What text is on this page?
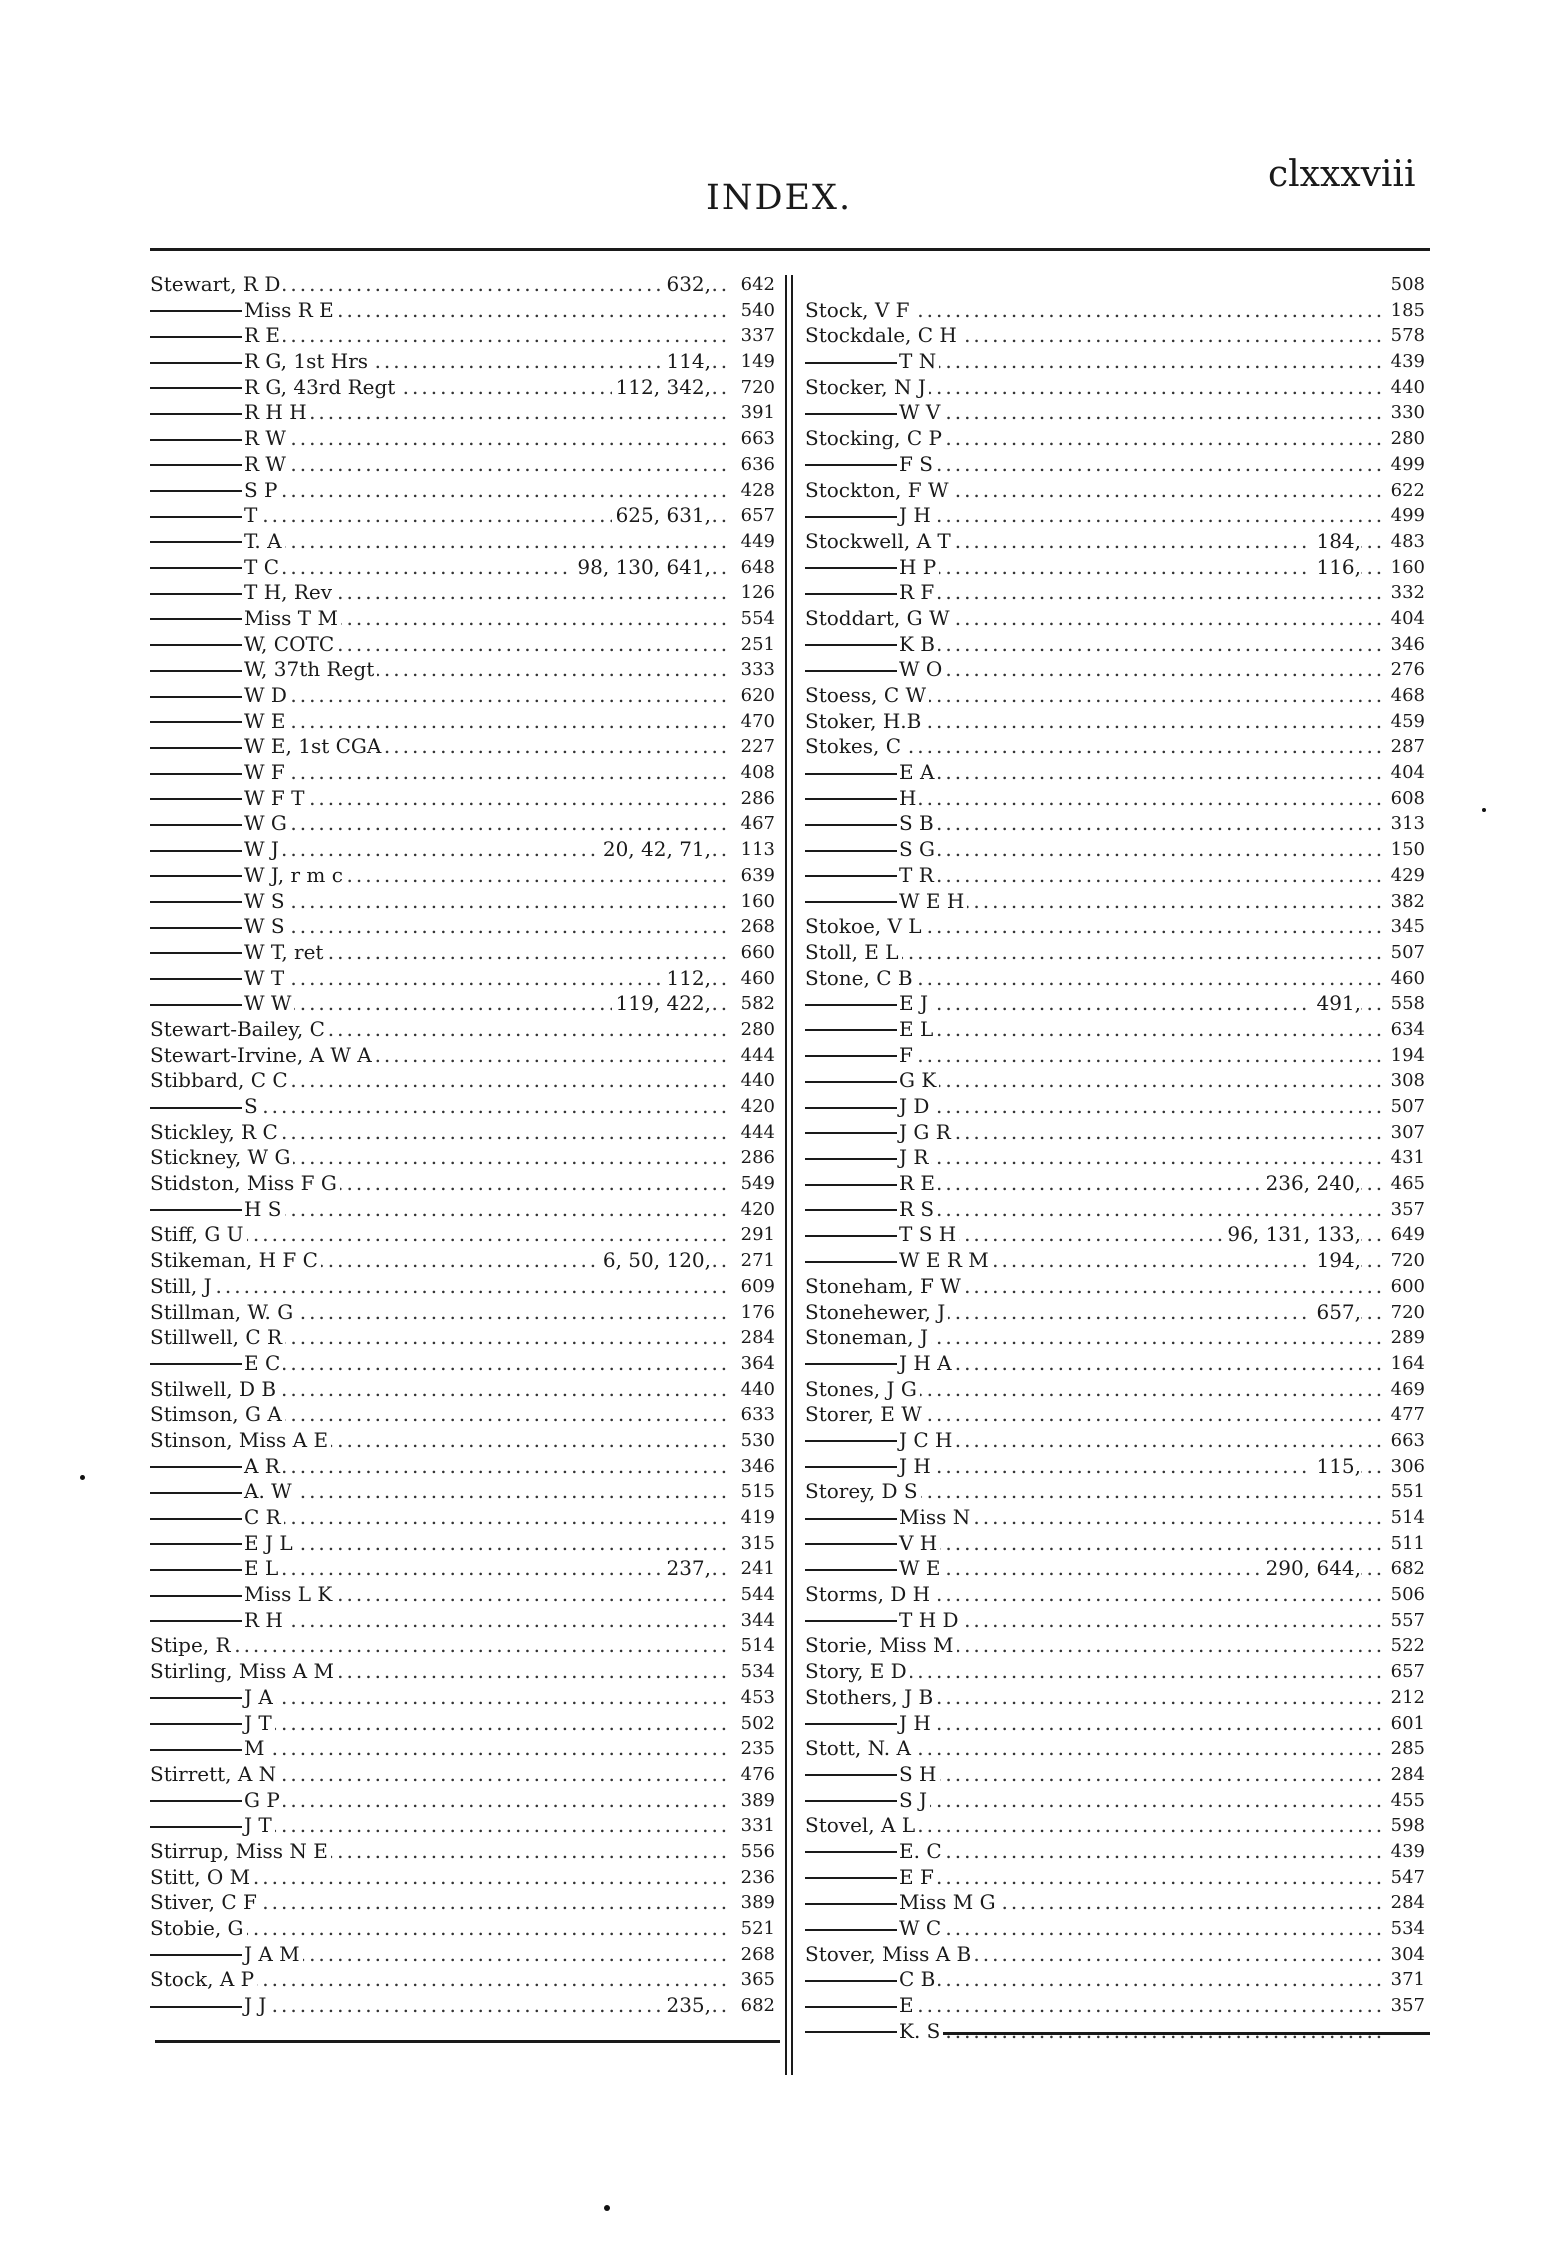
INDEX.
clxxxviii
.....
Stewart, R D	632,	642
.....
Miss R E	540
.....
R E	337
.....
R G, 1st Hrs	114,	149
.....
R G, 43rd Regt	112, 342,	720
.....
R H H	391
.....
R W	663
.....
R W	636
.....
S P	428
.....
T	625, 631,	657
.....
T. A	449
.....
T C	98, 130, 641,	648
.....
T H, Rev	126
.....
Miss T M	554
.....
W, COTC	251
.....
W, 37th Regt	333
.....
W D	620
.....
W E	470
.....
W E, 1st CGA	227
.....
W F	408
.....
W F T	286
.....
W G	467
.....
W J	20, 42, 71,	113
.....
W J, r m c	639
.....
W S	160
.....
W S	268
.....
W T, ret	660
.....
W T	112,	460
.....
W W	119, 422,	582
.....
Stewart-Bailey, C	280
.....
Stewart-Irvine, A W A	444
.....
Stibbard, C C	440
.....
S	420
.....
Stickley, R C	444
.....
Stickney, W G	286
.....
Stidston, Miss F G	549
.....
H S	420
.....
Stiff, G U	291
.....
Stikeman, H F C	6, 50, 120,	271
.....
Still, J	609
.....
Stillman, W. G	176
.....
Stillwell, C R	284
.....
E C	364
.....
Stilwell, D B	440
.....
Stimson, G A	633
.....
Stinson, Miss A E	530
.....
A R	346
.....
A. W	515
.....
C R	419
.....
E J L	315
.....
E L	237,	241
.....
Miss L K	544
.....
R H	344
.....
Stipe, R	514
.....
Stirling, Miss A M	534
.....
J A	453
.....
J T	502
.....
M	235
.....
Stirrett, A N	476
.....
G P	389
.....
J T	331
.....
Stirrup, Miss N E	556
.....
Stitt, O M	236
.....
Stiver, C F	389
.....
Stobie, G	521
.....
J A M	268
.....
Stock, A P	365
.....
J J	235,	682
508
.....
Stock, V F	185
.....
Stockdale, C H	578
.....
T N	439
.....
Stocker, N J	440
.....
W V	330
.....
Stocking, C P	280
.....
F S	499
.....
Stockton, F W	622
.....
J H	499
.....
Stockwell, A T	184,	483
.....
H P	116,	160
.....
R F	332
.....
Stoddart, G W	404
.....
K B	346
.....
W O	276
.....
Stoess, C W	468
.....
Stoker, H.B	459
.....
Stokes, C	287
.....
E A	404
.....
H	608
.....
S B	313
.....
S G	150
.....
T R	429
.....
W E H	382
.....
Stokoe, V L	345
.....
Stoll, E L	507
.....
Stone, C B	460
.....
E J	491,	558
.....
E L	634
.....
F	194
.....
G K	308
.....
J D	507
.....
J G R	307
.....
J R	431
.....
R E	236, 240,	465
.....
R S	357
.....
T S H	96, 131, 133,	649
.....
W E R M	194,	720
.....
Stoneham, F W	600
.....
Stonehewer, J	657,	720
.....
Stoneman, J	289
.....
J H A	164
.....
Stones, J G	469
.....
Storer, E W	477
.....
J C H	663
.....
J H	115,	306
.....
Storey, D S	551
.....
Miss N	514
.....
V H	511
.....
W E	290, 644,	682
.....
Storms, D H	506
.....
T H D	557
.....
Storie, Miss M	522
.....
Story, E D	657
.....
Stothers, J B	212
.....
J H	601
.....
Stott, N. A	285
.....
S H	284
.....
S J	455
.....
Stovel, A L	598
.....
E. C	439
.....
E F	547
.....
Miss M G	284
.....
W C	534
.....
Stover, Miss A B	304
.....
C B	371
.....
E	357
.....
K. S
